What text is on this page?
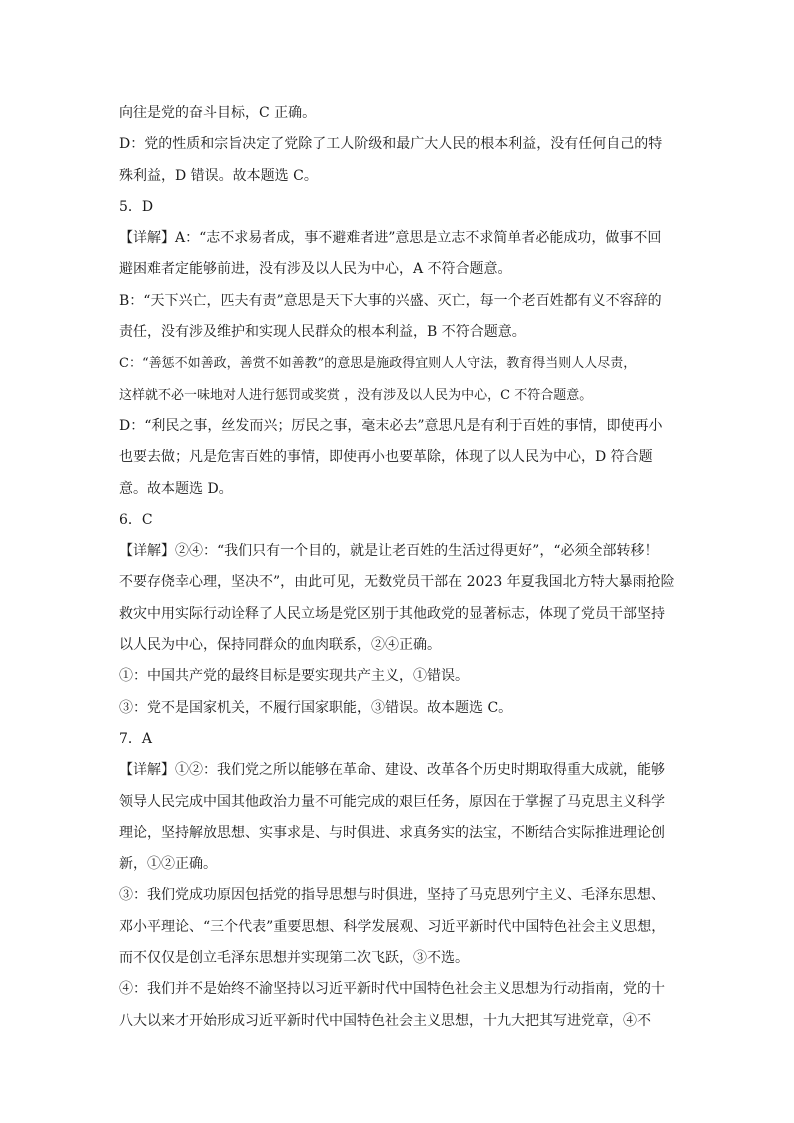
向往是党的奋斗目标，C 正确。
D：党的性质和宗旨决定了党除了工人阶级和最广大人民的根本利益，没有任何自己的特
殊利益，D 错误。故本题选 C。
5．D
【详解】A：“志不求易者成，事不避难者进”意思是立志不求简单者必能成功，做事不回
避困难者定能够前进，没有涉及以人民为中心，A 不符合题意。
B：“天下兴亡，匹夫有责”意思是天下大事的兴盛、灭亡，每一个老百姓都有义不容辞的
责任，没有涉及维护和实现人民群众的根本利益，B 不符合题意。
C：“善惩不如善政，善赏不如善教”的意思是施政得宜则人人守法，教育得当则人人尽责，
这样就不必一味地对人进行惩罚或奖赏 ，没有涉及以人民为中心，C 不符合题意。
D：“利民之事，丝发而兴；厉民之事，毫末必去”意思凡是有利于百姓的事情，即使再小
也要去做；凡是危害百姓的事情，即使再小也要革除，体现了以人民为中心，D 符合题
意。故本题选 D。
6．C
【详解】②④：“我们只有一个目的，就是让老百姓的生活过得更好”，“必须全部转移！
不要存侥幸心理，坚决不”，由此可见，无数党员干部在 2023 年夏我国北方特大暴雨抢险
救灾中用实际行动诠释了人民立场是党区别于其他政党的显著标志，体现了党员干部坚持
以人民为中心，保持同群众的血肉联系，②④正确。
①：中国共产党的最终目标是要实现共产主义，①错误。
③：党不是国家机关，不履行国家职能，③错误。故本题选 C。
7．A
【详解】①②：我们党之所以能够在革命、建设、改革各个历史时期取得重大成就，能够
领导人民完成中国其他政治力量不可能完成的艰巨任务，原因在于掌握了马克思主义科学
理论，坚持解放思想、实事求是、与时俱进、求真务实的法宝，不断结合实际推进理论创
新，①②正确。
③：我们党成功原因包括党的指导思想与时俱进，坚持了马克思列宁主义、毛泽东思想、
邓小平理论、“三个代表”重要思想、科学发展观、习近平新时代中国特色社会主义思想，
而不仅仅是创立毛泽东思想并实现第二次飞跃，③不选。
④：我们并不是始终不渝坚持以习近平新时代中国特色社会主义思想为行动指南，党的十
八大以来才开始形成习近平新时代中国特色社会主义思想，十九大把其写进党章，④不
